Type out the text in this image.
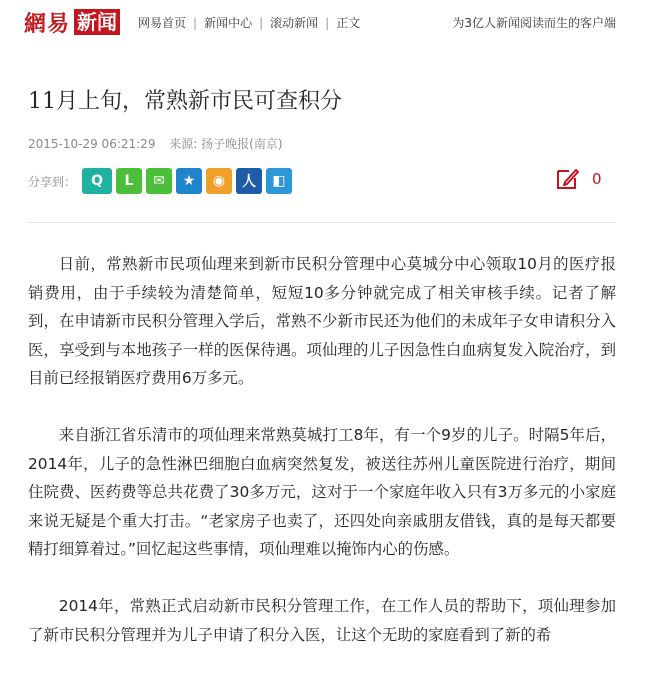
網易 新闻 网易首页 | 新闻中心 | 滚动新闻 | 正文	为3亿人新闻阅读而生的客户端
11月上旬，常熟新市民可查积分
2015-10-29 06:21:29 来源: 扬子晚报(南京)
分享到： Q L ✉ ★ ◉ 人 ◧	0

日前，常熟新市民项仙理来到新市民积分管理中心莫城分中心领取10月的医疗报销费用，由于手续较为清楚简单，短短10多分钟就完成了相关审核手续。记者了解到，在申请新市民积分管理入学后，常熟不少新市民还为他们的未成年子女申请积分入医，享受到与本地孩子一样的医保待遇。项仙理的儿子因急性白血病复发入院治疗，到目前已经报销医疗费用6万多元。

来自浙江省乐清市的项仙理来常熟莫城打工8年，有一个9岁的儿子。时隔5年后，2014年，儿子的急性淋巴细胞白血病突然复发，被送往苏州儿童医院进行治疗，期间住院费、医药费等总共花费了30多万元，这对于一个家庭年收入只有3万多元的小家庭来说无疑是个重大打击。“老家房子也卖了，还四处向亲戚朋友借钱，真的是每天都要精打细算着过。”回忆起这些事情，项仙理难以掩饰内心的伤感。

2014年，常熟正式启动新市民积分管理工作，在工作人员的帮助下，项仙理参加了新市民积分管理并为儿子申请了积分入医，让这个无助的家庭看到了新的希
